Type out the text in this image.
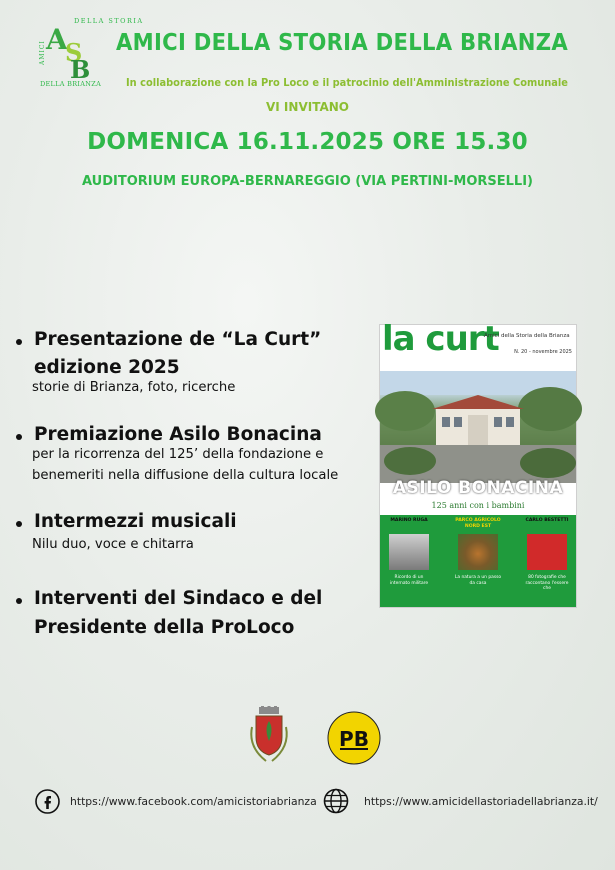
DELLA STORIA
AMICI A
S
B
DELLA BRIANZA
AMICI DELLA STORIA DELLA BRIANZA
In collaborazione con la Pro Loco e il patrocinio dell'Amministrazione Comunale
VI INVITANO
DOMENICA 16.11.2025 ORE 15.30
AUDITORIUM EUROPA-BERNAREGGIO (VIA PERTINI-MORSELLI)
Presentazione de “La Curt”
edizione 2025
storie di Brianza, foto, ricerche
Premiazione Asilo Bonacina
per la ricorrenza del 125’ della fondazione e
benemeriti nella diffusione della cultura locale
Intermezzi musicali
Nilu duo, voce e chitarra
Interventi del Sindaco e del
Presidente della ProLoco
la curt
Amici della Storia della Brianza
N. 20 - novembre 2025
ASILO BONACINA
125 anni con i bambini
MARINO RUGA	PARCO AGRICOLO NORD EST
CARLO BESTETTI
Ricordo di un internato militare
La natura a un passo da casa
80 fotografie che raccontano l'essere che
PB
https://www.facebook.com/amicistoriabrianza	https://www.amicidellastoriadellabrianza.it/
